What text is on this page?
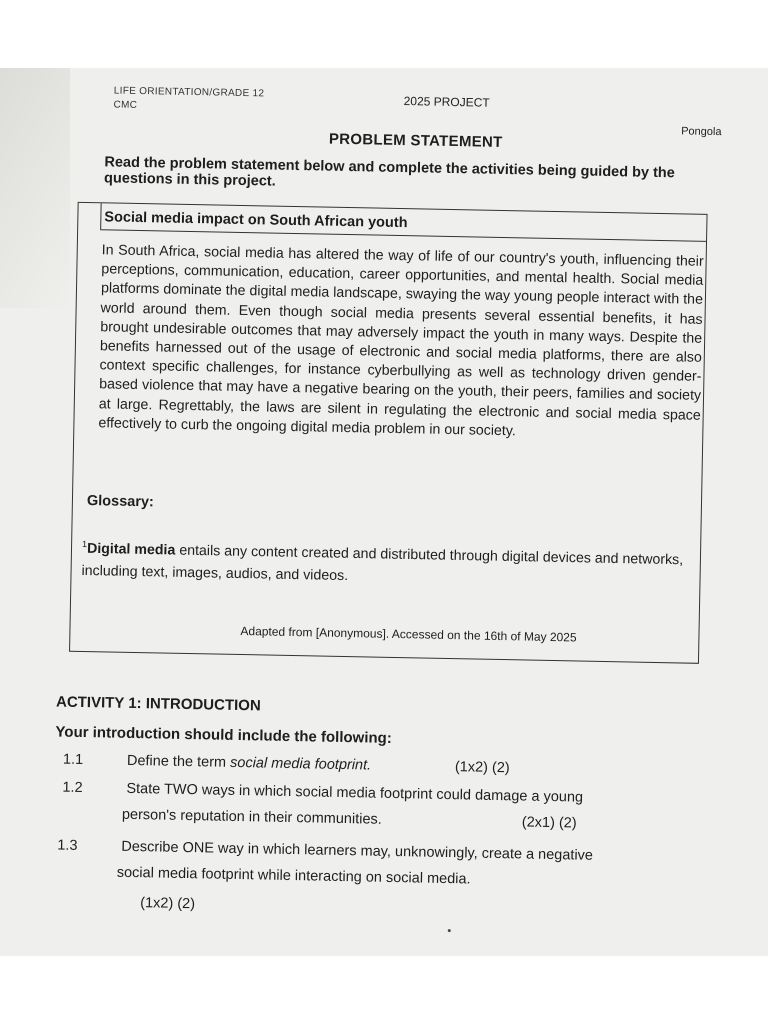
LIFE ORIENTATION/GRADE 12
CMC	2025 PROJECT
Pongola
PROBLEM STATEMENT
Read the problem statement below and complete the activities being guided by the questions in this project.
Social media impact on South African youth
In South Africa, social media has altered the way of life of our country's youth, influencing their perceptions, communication, education, career opportunities, and mental health. Social media platforms dominate the digital media landscape, swaying the way young people interact with the world around them. Even though social media presents several essential benefits, it has brought undesirable outcomes that may adversely impact the youth in many ways. Despite the benefits harnessed out of the usage of electronic and social media platforms, there are also context specific challenges, for instance cyberbullying as well as technology driven gender-based violence that may have a negative bearing on the youth, their peers, families and society at large. Regrettably, the laws are silent in regulating the electronic and social media space effectively to curb the ongoing digital media problem in our society.
Glossary:
$^1$Digital media entails any content created and distributed through digital devices and networks, including text, images, audios, and videos.
Adapted from [Anonymous]. Accessed on the 16th of May 2025
ACTIVITY 1: INTRODUCTION
Your introduction should include the following:
1.1	Define the term social media footprint.	(1x2) (2)
1.2	State TWO ways in which social media footprint could damage a young
person's reputation in their communities.	(2x1) (2)
1.3	Describe ONE way in which learners may, unknowingly, create a negative
social media footprint while interacting on social media.
(1x2) (2)
